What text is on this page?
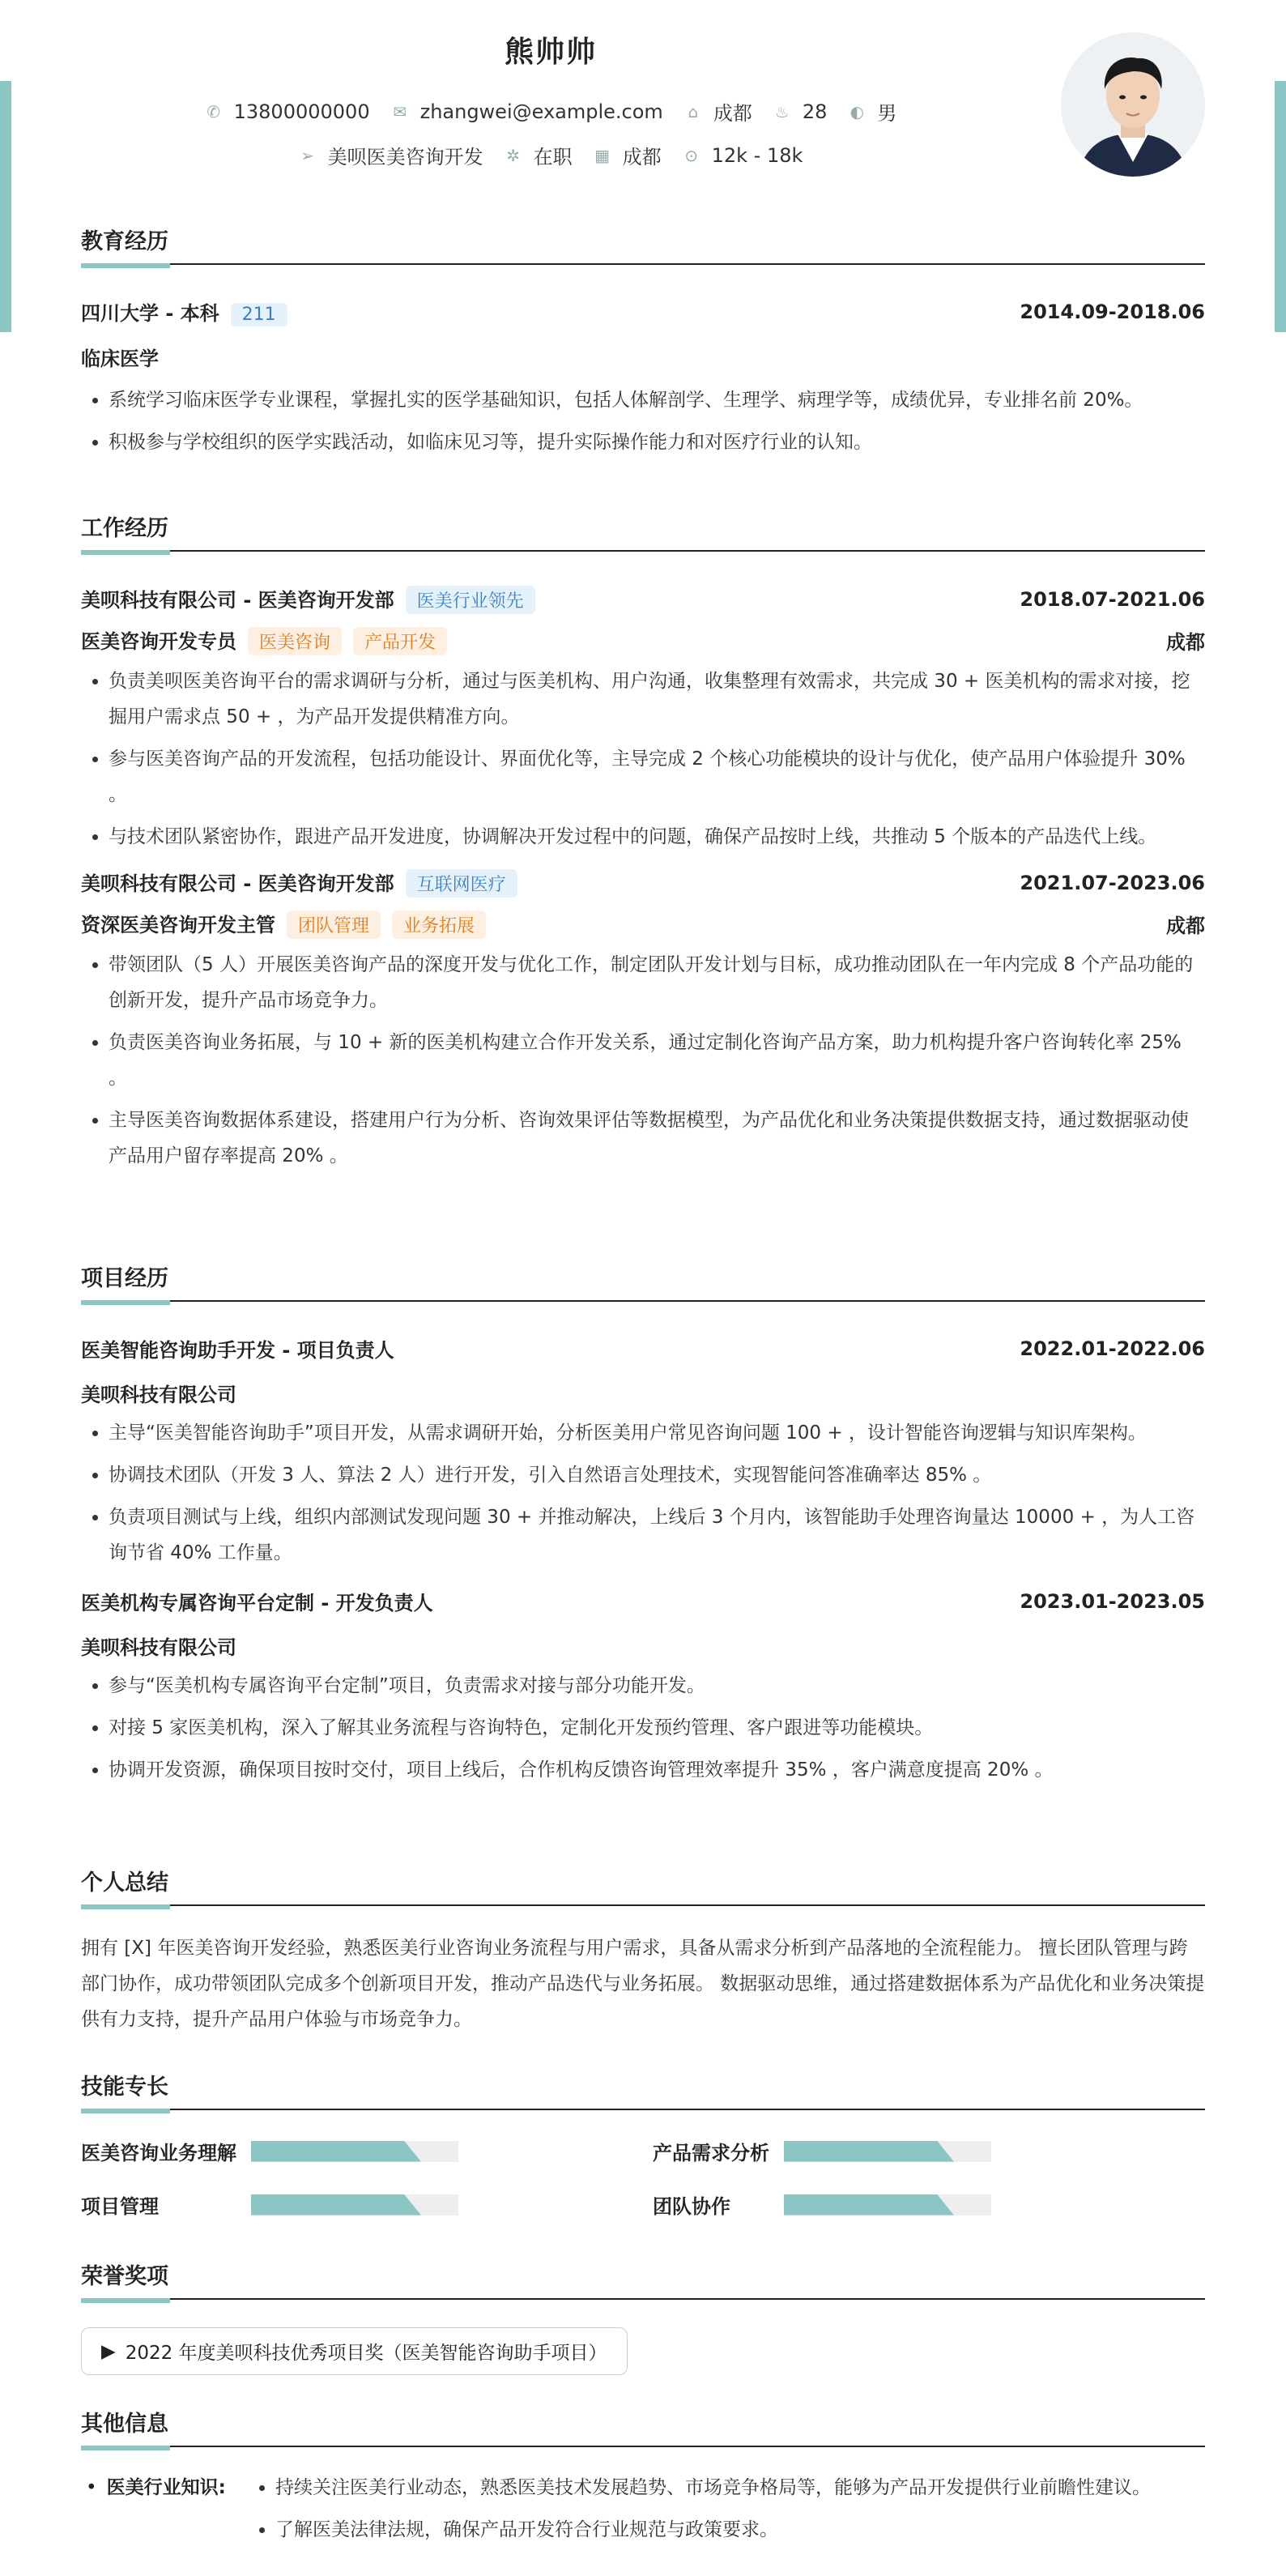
熊帅帅
✆ 13800000000 ✉ zhangwei@example.com ⌂ 成都 ♨ 28 ◐ 男
➢ 美呗医美咨询开发 ✲ 在职 ▦ 成都 ⊙ 12k - 18k
教育经历
四川大学 - 本科 211	2014.09-2018.06
临床医学
• 系统学习临床医学专业课程，掌握扎实的医学基础知识，包括人体解剖学、生理学、病理学等，成绩优异，专业排名前 20%。
• 积极参与学校组织的医学实践活动，如临床见习等，提升实际操作能力和对医疗行业的认知。
工作经历
美呗科技有限公司 - 医美咨询开发部 医美行业领先	2018.07-2021.06
医美咨询开发专员 医美咨询 产品开发	成都
• 负责美呗医美咨询平台的需求调研与分析，通过与医美机构、用户沟通，收集整理有效需求，共完成 30 + 医美机构的需求对接，挖掘用户需求点 50 + ，为产品开发提供精准方向。
• 参与医美咨询产品的开发流程，包括功能设计、界面优化等，主导完成 2 个核心功能模块的设计与优化，使产品用户体验提升 30% 。
• 与技术团队紧密协作，跟进产品开发进度，协调解决开发过程中的问题，确保产品按时上线，共推动 5 个版本的产品迭代上线。
美呗科技有限公司 - 医美咨询开发部 互联网医疗	2021.07-2023.06
资深医美咨询开发主管 团队管理 业务拓展	成都
• 带领团队（5 人）开展医美咨询产品的深度开发与优化工作，制定团队开发计划与目标，成功推动团队在一年内完成 8 个产品功能的创新开发，提升产品市场竞争力。
• 负责医美咨询业务拓展，与 10 + 新的医美机构建立合作开发关系，通过定制化咨询产品方案，助力机构提升客户咨询转化率 25% 。
• 主导医美咨询数据体系建设，搭建用户行为分析、咨询效果评估等数据模型，为产品优化和业务决策提供数据支持，通过数据驱动使产品用户留存率提高 20% 。
项目经历
医美智能咨询助手开发 - 项目负责人	2022.01-2022.06
美呗科技有限公司
• 主导“医美智能咨询助手”项目开发，从需求调研开始，分析医美用户常见咨询问题 100 + ，设计智能咨询逻辑与知识库架构。
• 协调技术团队（开发 3 人、算法 2 人）进行开发，引入自然语言处理技术，实现智能问答准确率达 85% 。
• 负责项目测试与上线，组织内部测试发现问题 30 + 并推动解决，上线后 3 个月内，该智能助手处理咨询量达 10000 + ，为人工咨询节省 40% 工作量。
医美机构专属咨询平台定制 - 开发负责人	2023.01-2023.05
美呗科技有限公司
• 参与“医美机构专属咨询平台定制”项目，负责需求对接与部分功能开发。
• 对接 5 家医美机构，深入了解其业务流程与咨询特色，定制化开发预约管理、客户跟进等功能模块。
• 协调开发资源，确保项目按时交付，项目上线后，合作机构反馈咨询管理效率提升 35% ，客户满意度提高 20% 。
个人总结
拥有 [X] 年医美咨询开发经验，熟悉医美行业咨询业务流程与用户需求，具备从需求分析到产品落地的全流程能力。 擅长团队管理与跨部门协作，成功带领团队完成多个创新项目开发，推动产品迭代与业务拓展。 数据驱动思维，通过搭建数据体系为产品优化和业务决策提供有力支持，提升产品用户体验与市场竞争力。
技能专长
医美咨询业务理解	产品需求分析
项目管理	团队协作
荣誉奖项
▶ 2022 年度美呗科技优秀项目奖（医美智能咨询助手项目）
其他信息
• 医美行业知识:
•	持续关注医美行业动态，熟悉医美技术发展趋势、市场竞争格局等，能够为产品开发提供行业前瞻性建议。
• 了解医美法律法规，确保产品开发符合行业规范与政策要求。
